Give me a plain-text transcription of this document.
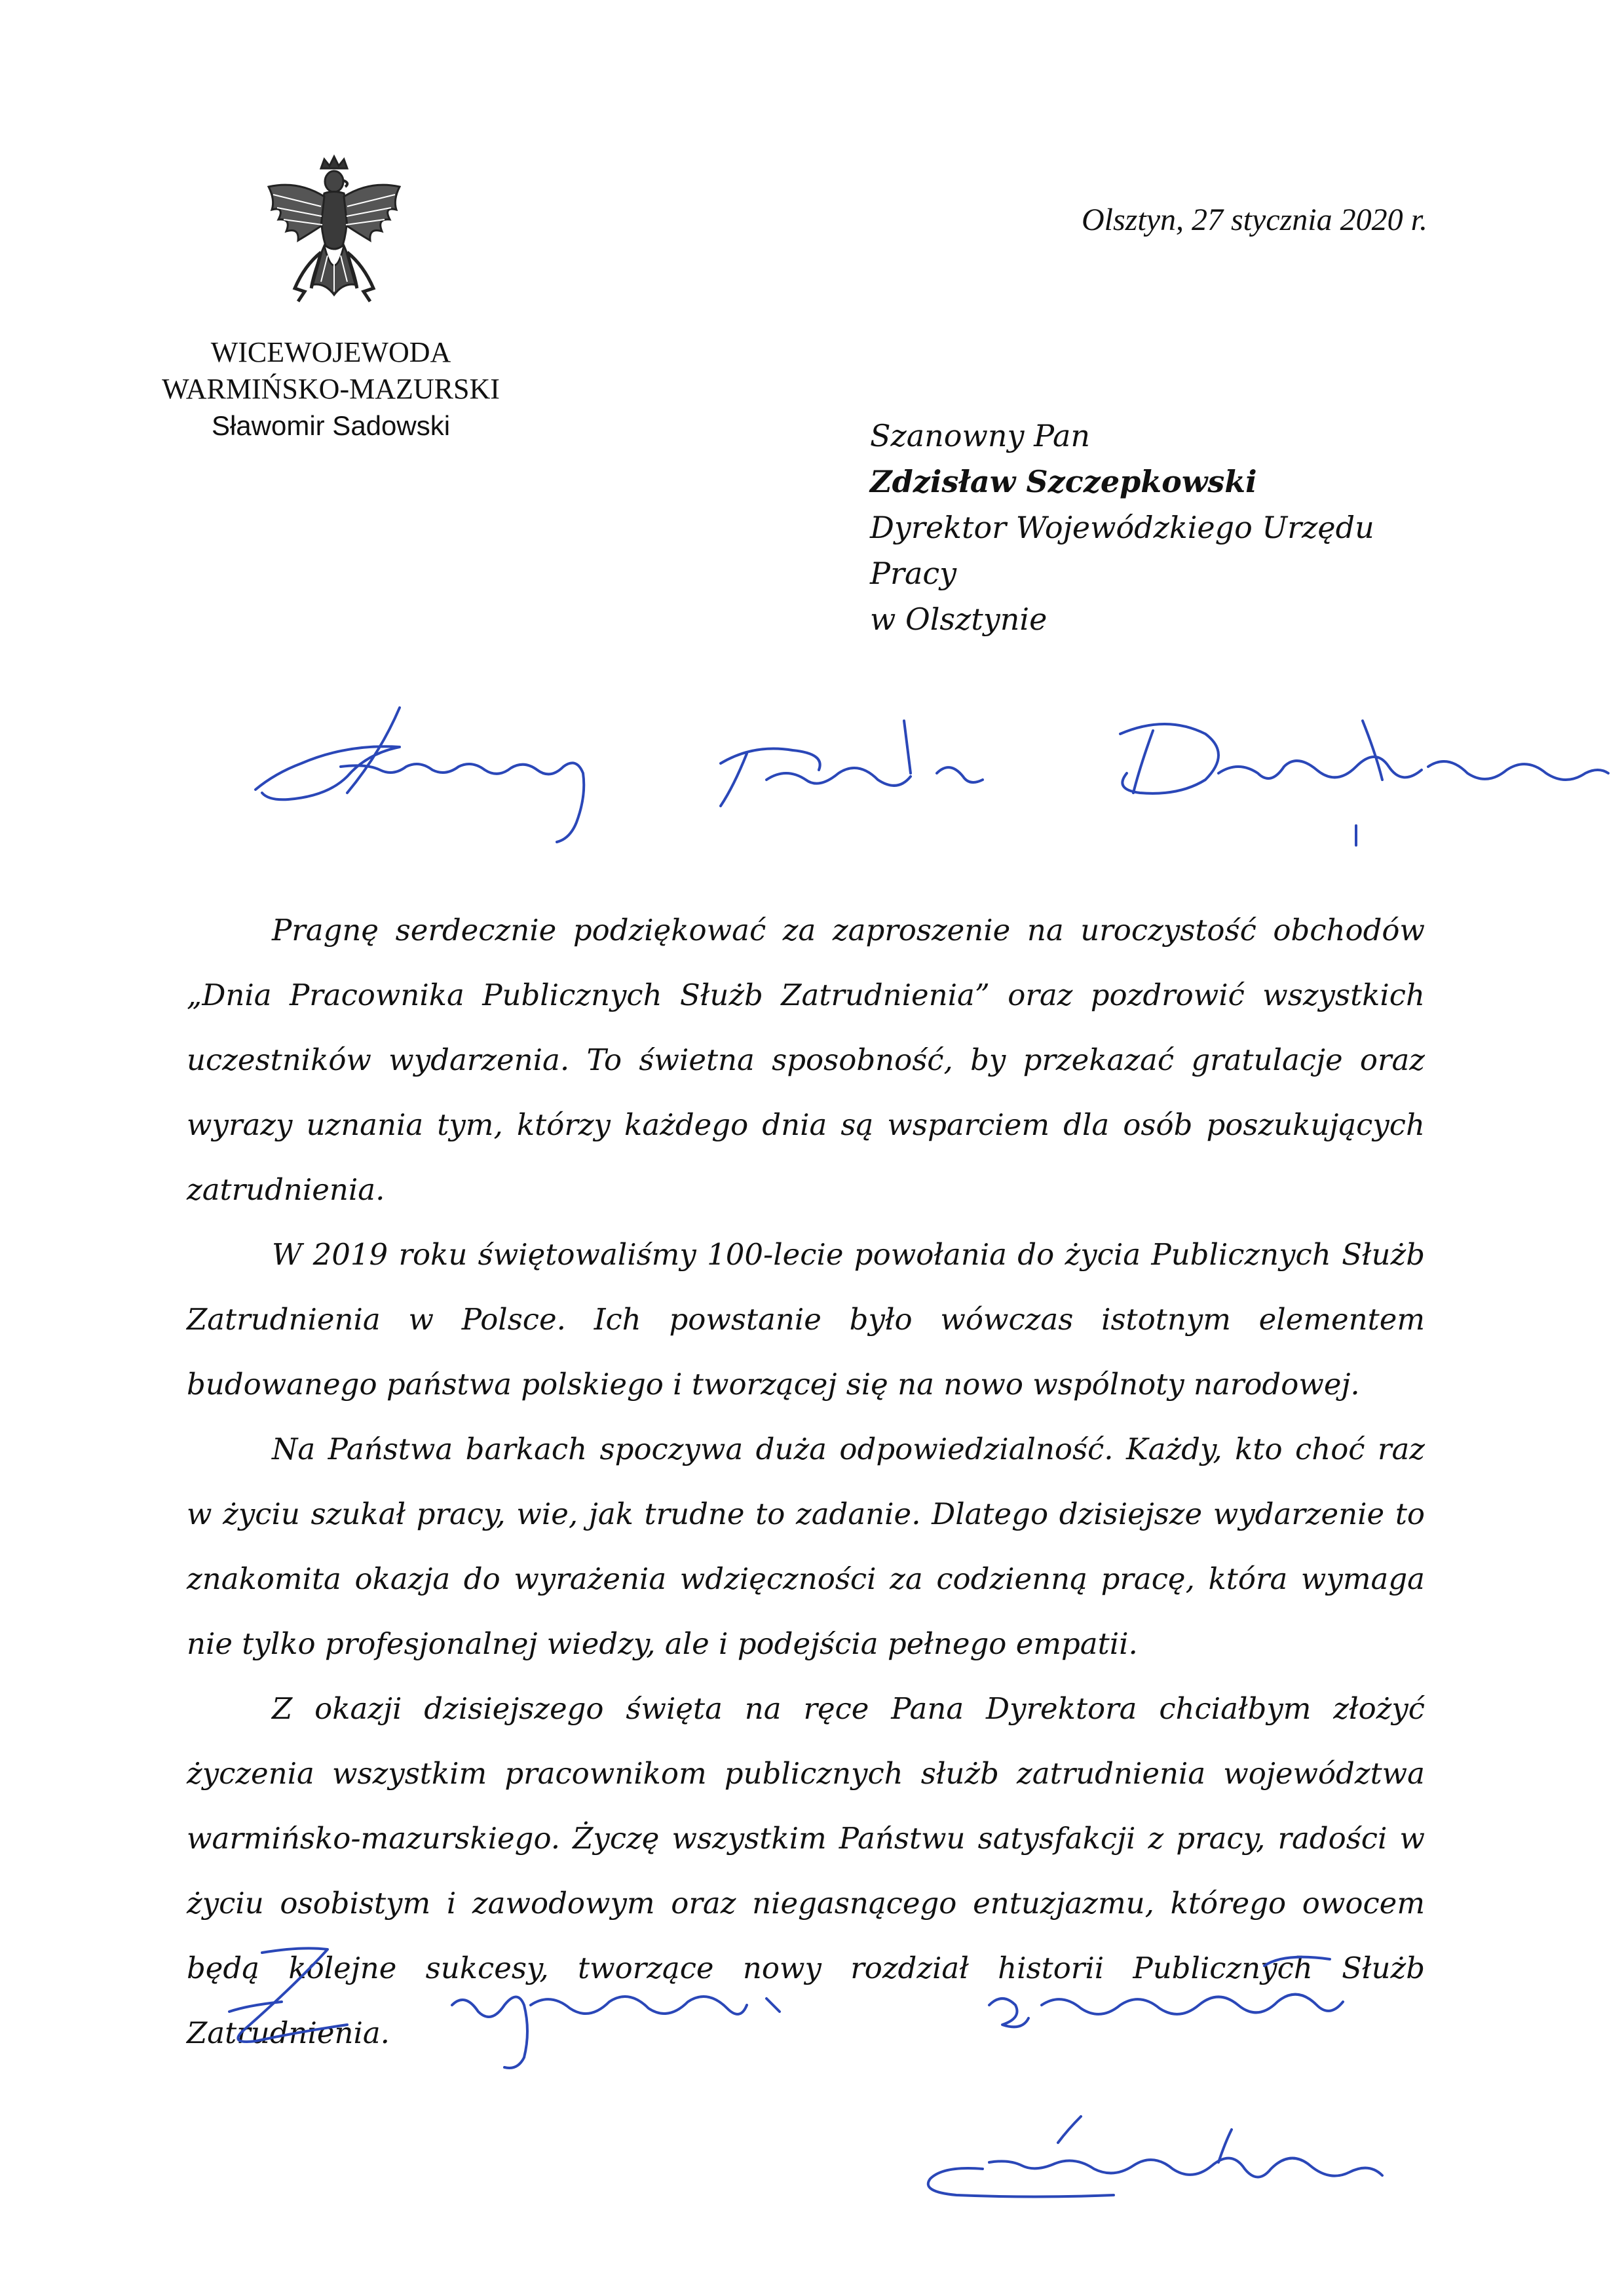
WICEWOJEWODA
WARMIŃSKO-MAZURSKI
Sławomir Sadowski
Olsztyn, 27 stycznia 2020 r.
Szanowny Pan
Zdzisław Szczepkowski
Dyrektor Wojewódzkiego Urzędu Pracy
w Olsztynie

Pragnę serdecznie podziękować za zaproszenie na uroczystość obchodów „Dnia Pracownika Publicznych Służb Zatrudnienia” oraz pozdrowić wszystkich uczestników wydarzenia. To świetna sposobność, by przekazać gratulacje oraz wyrazy uznania tym, którzy każdego dnia są wsparciem dla osób poszukujących zatrudnienia.

W 2019 roku świętowaliśmy 100-lecie powołania do życia Publicznych Służb Zatrudnienia w Polsce. Ich powstanie było wówczas istotnym elementem budowanego państwa polskiego i tworzącej się na nowo wspólnoty narodowej.

Na Państwa barkach spoczywa duża odpowiedzialność. Każdy, kto choć raz w życiu szukał pracy, wie, jak trudne to zadanie. Dlatego dzisiejsze wydarzenie to znakomita okazja do wyrażenia wdzięczności za codzienną pracę, która wymaga nie tylko profesjonalnej wiedzy, ale i podejścia pełnego empatii.

Z okazji dzisiejszego święta na ręce Pana Dyrektora chciałbym złożyć życzenia wszystkim pracownikom publicznych służb zatrudnienia województwa warmińsko-mazurskiego. Życzę wszystkim Państwu satysfakcji z pracy, radości w życiu osobistym i zawodowym oraz niegasnącego entuzjazmu, którego owocem będą kolejne sukcesy, tworzące nowy rozdział historii Publicznych Służb Zatrudnienia.
